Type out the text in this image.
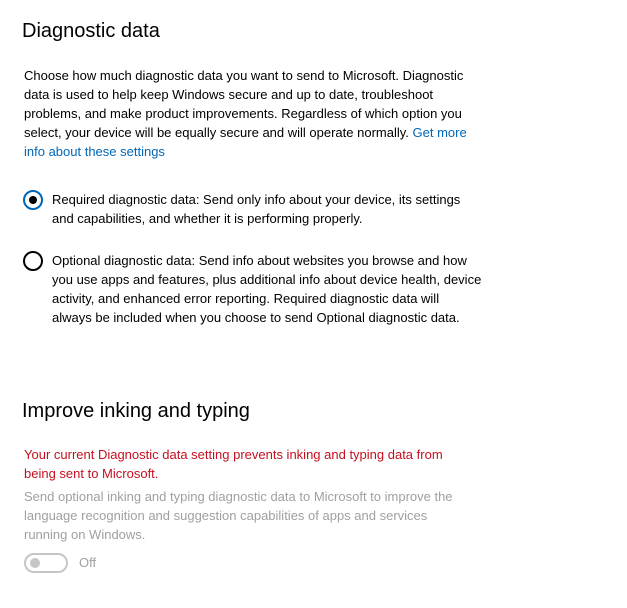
Diagnostic data

Choose how much diagnostic data you want to send to Microsoft. Diagnostic data is used to help keep Windows secure and up to date, troubleshoot problems, and make product improvements. Regardless of which option you select, your device will be equally secure and will operate normally. Get more info about these settings

Required diagnostic data: Send only info about your device, its settings and capabilities, and whether it is performing properly.
Optional diagnostic data: Send info about websites you browse and how you use apps and features, plus additional info about device health, device activity, and enhanced error reporting. Required diagnostic data will always be included when you choose to send Optional diagnostic data.
Improve inking and typing

Your current Diagnostic data setting prevents inking and typing data from being sent to Microsoft.

Send optional inking and typing diagnostic data to Microsoft to improve the language recognition and suggestion capabilities of apps and services running on Windows.

Off
